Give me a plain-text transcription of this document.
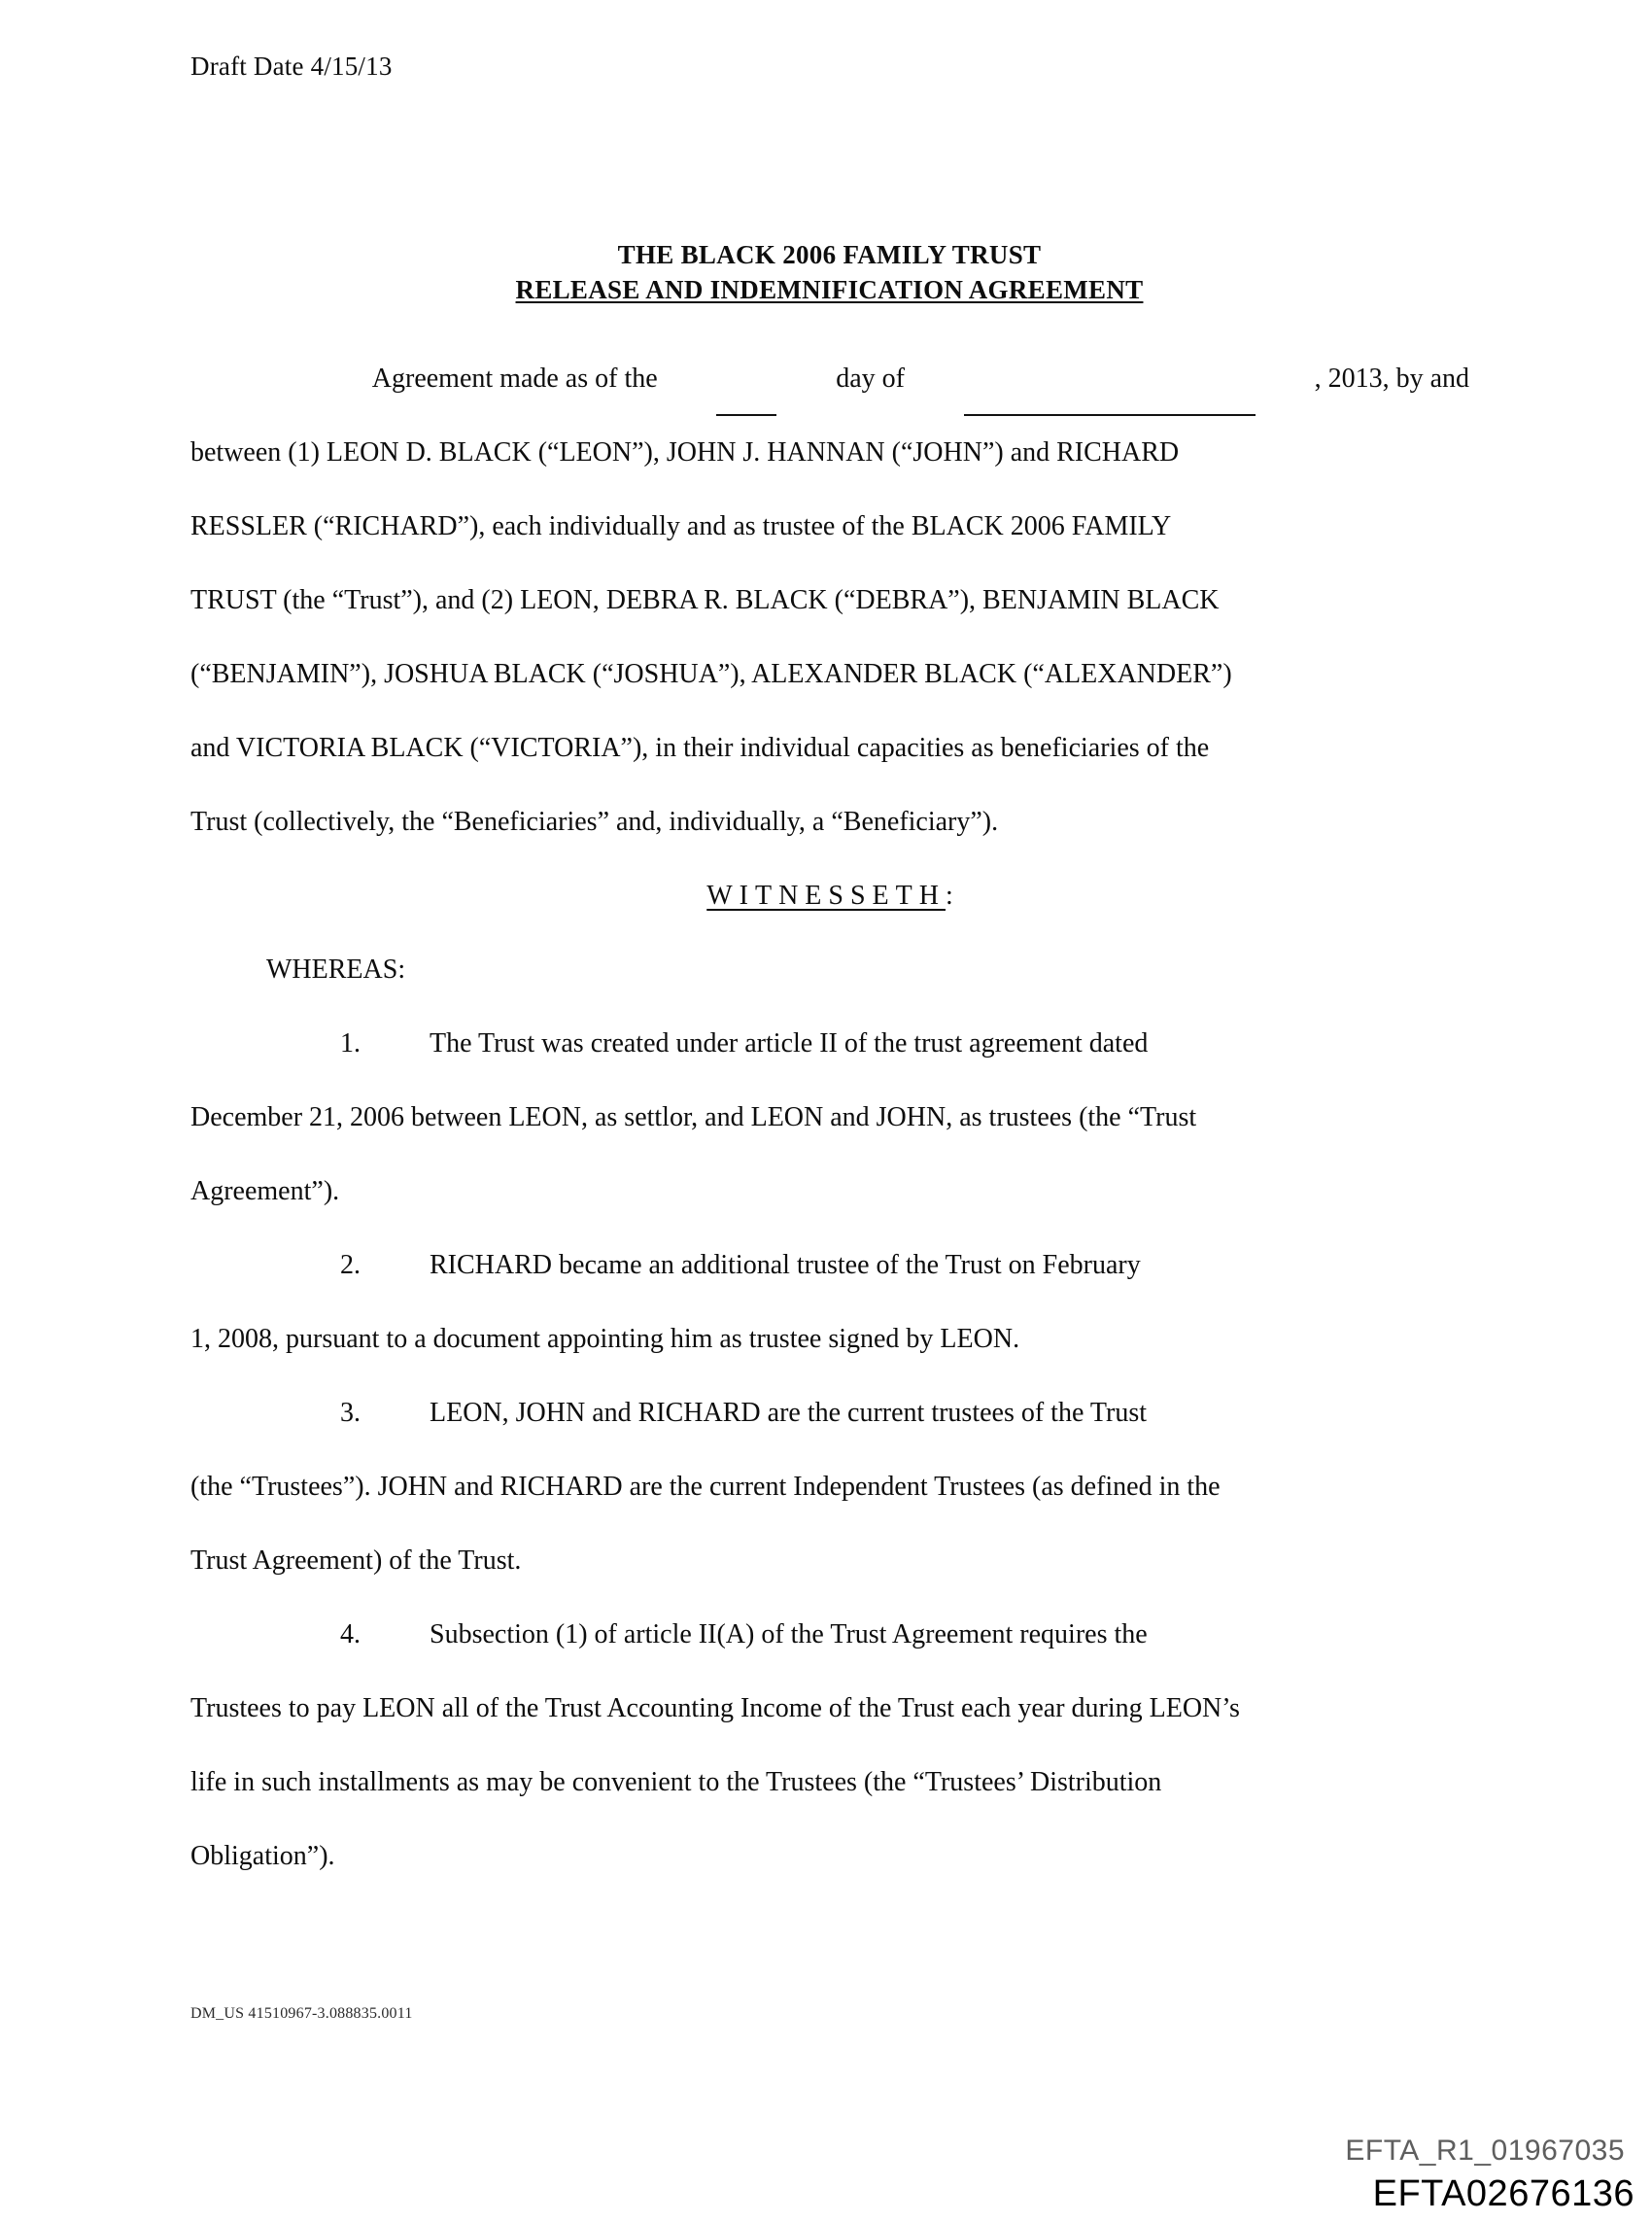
Draft Date 4/15/13
THE BLACK 2006 FAMILY TRUST
RELEASE AND INDEMNIFICATION AGREEMENT

Agreement made as of the	day of	, 2013, by and
between (1) LEON D. BLACK (“LEON”), JOHN J. HANNAN (“JOHN”) and RICHARD
RESSLER (“RICHARD”), each individually and as trustee of the BLACK 2006 FAMILY
TRUST (the “Trust”), and (2) LEON, DEBRA R. BLACK (“DEBRA”), BENJAMIN BLACK
(“BENJAMIN”), JOSHUA BLACK (“JOSHUA”), ALEXANDER BLACK (“ALEXANDER”)
and VICTORIA BLACK (“VICTORIA”), in their individual capacities as beneficiaries of the
Trust (collectively, the “Beneficiaries” and, individually, a “Beneficiary”).
WITNESSETH:
WHEREAS:
1.	The Trust was created under article II of the trust agreement dated
December 21, 2006 between LEON, as settlor, and LEON and JOHN, as trustees (the “Trust
Agreement”).
2.	RICHARD became an additional trustee of the Trust on February
1, 2008, pursuant to a document appointing him as trustee signed by LEON.
3.	LEON, JOHN and RICHARD are the current trustees of the Trust
(the “Trustees”). JOHN and RICHARD are the current Independent Trustees (as defined in the
Trust Agreement) of the Trust.
4.	Subsection (1) of article II(A) of the Trust Agreement requires the
Trustees to pay LEON all of the Trust Accounting Income of the Trust each year during LEON’s
life in such installments as may be convenient to the Trustees (the “Trustees’ Distribution
Obligation”).
DM_US 41510967-3.088835.0011
EFTA_R1_01967035
EFTA02676136
